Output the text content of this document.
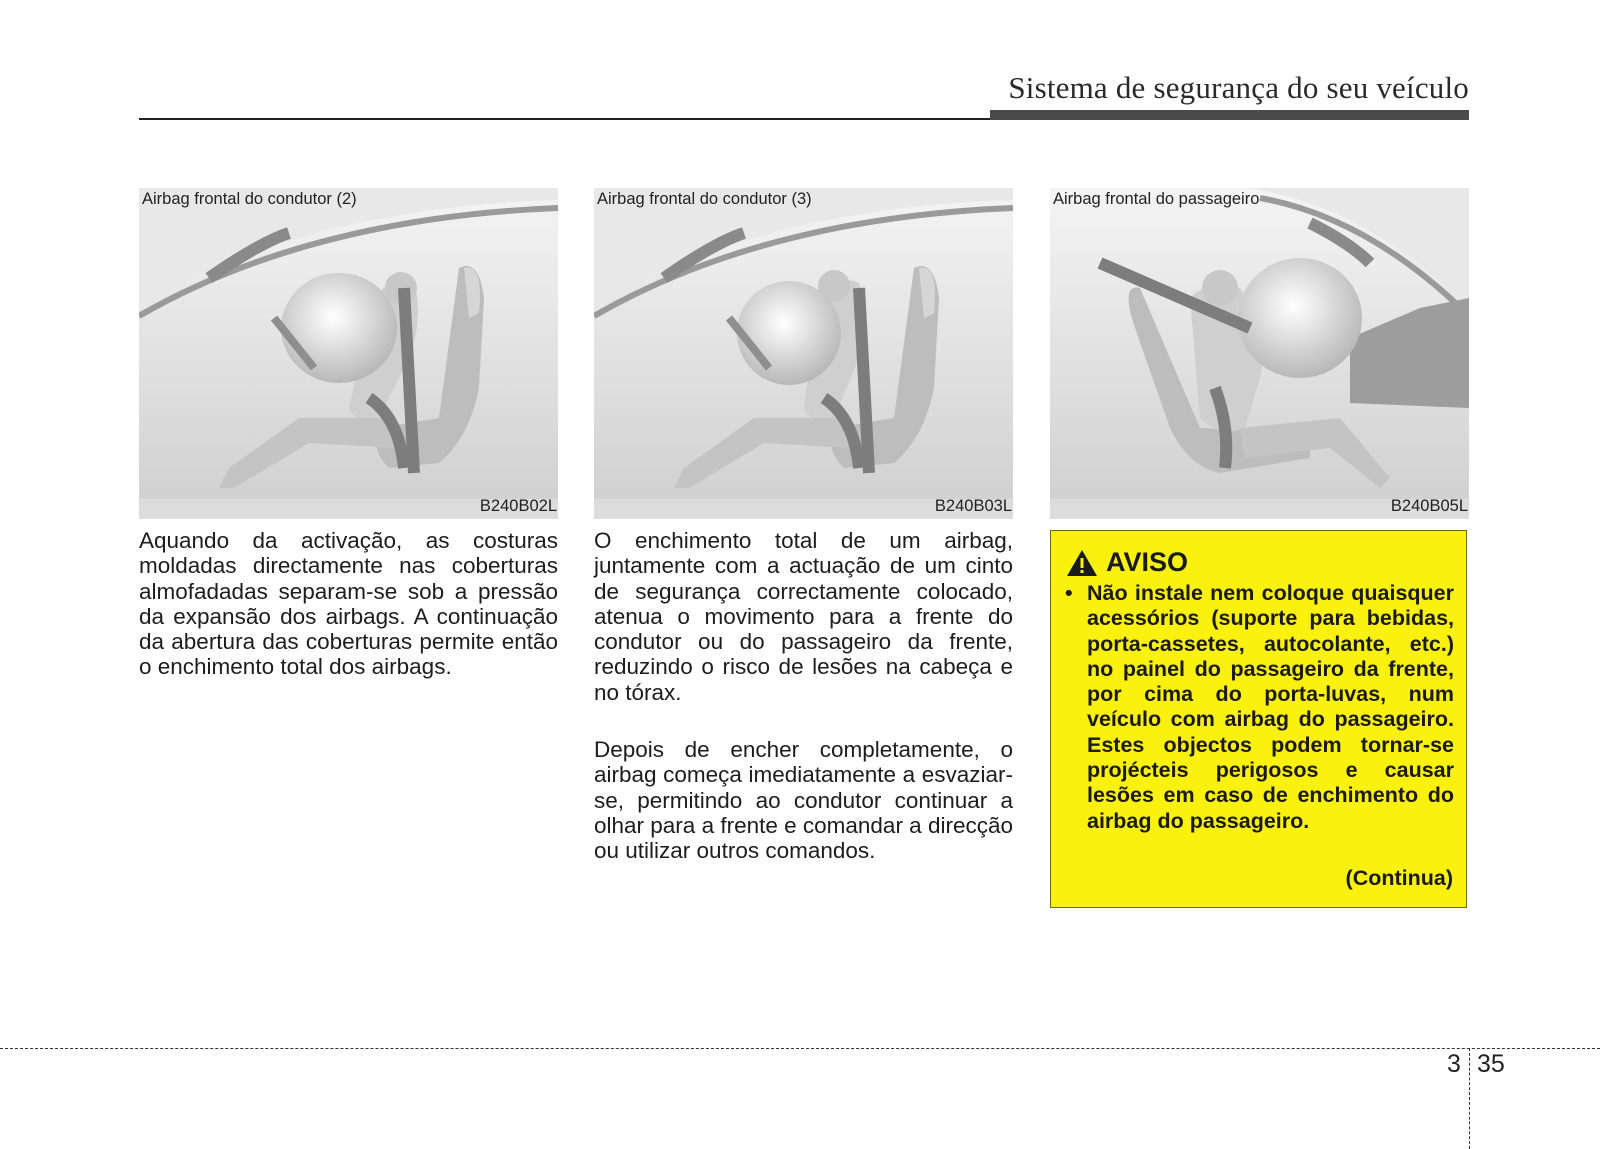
Sistema de segurança do seu veículo
Airbag frontal do condutor (2)
B240B02L
Airbag frontal do condutor (3)
B240B03L
Airbag frontal do passageiro
B240B05L

Aquando da activação, as costuras moldadas directamente nas coberturas almofadadas separam-se sob a pressão da expansão dos airbags. A continuação da abertura das coberturas permite então o enchimento total dos airbags.

O enchimento total de um airbag, juntamente com a actuação de um cinto de segurança correctamente colocado, atenua o movimento para a frente do condutor ou do passageiro da frente, reduzindo o risco de lesões na cabeça e no tórax.

Depois de encher completamente, o airbag começa imediatamente a esvaziar-se, permitindo ao condutor continuar a olhar para a frente e comandar a direcção ou utilizar outros comandos.

AVISO
• Não instale nem coloque quaisquer acessórios (suporte para bebidas, porta-cassetes, autocolante, etc.) no painel do passageiro da frente, por cima do porta-luvas, num veículo com airbag do passageiro. Estes objectos podem tornar-se projécteis perigosos e causar lesões em caso de enchimento do airbag do passageiro.
(Continua)
3 35
